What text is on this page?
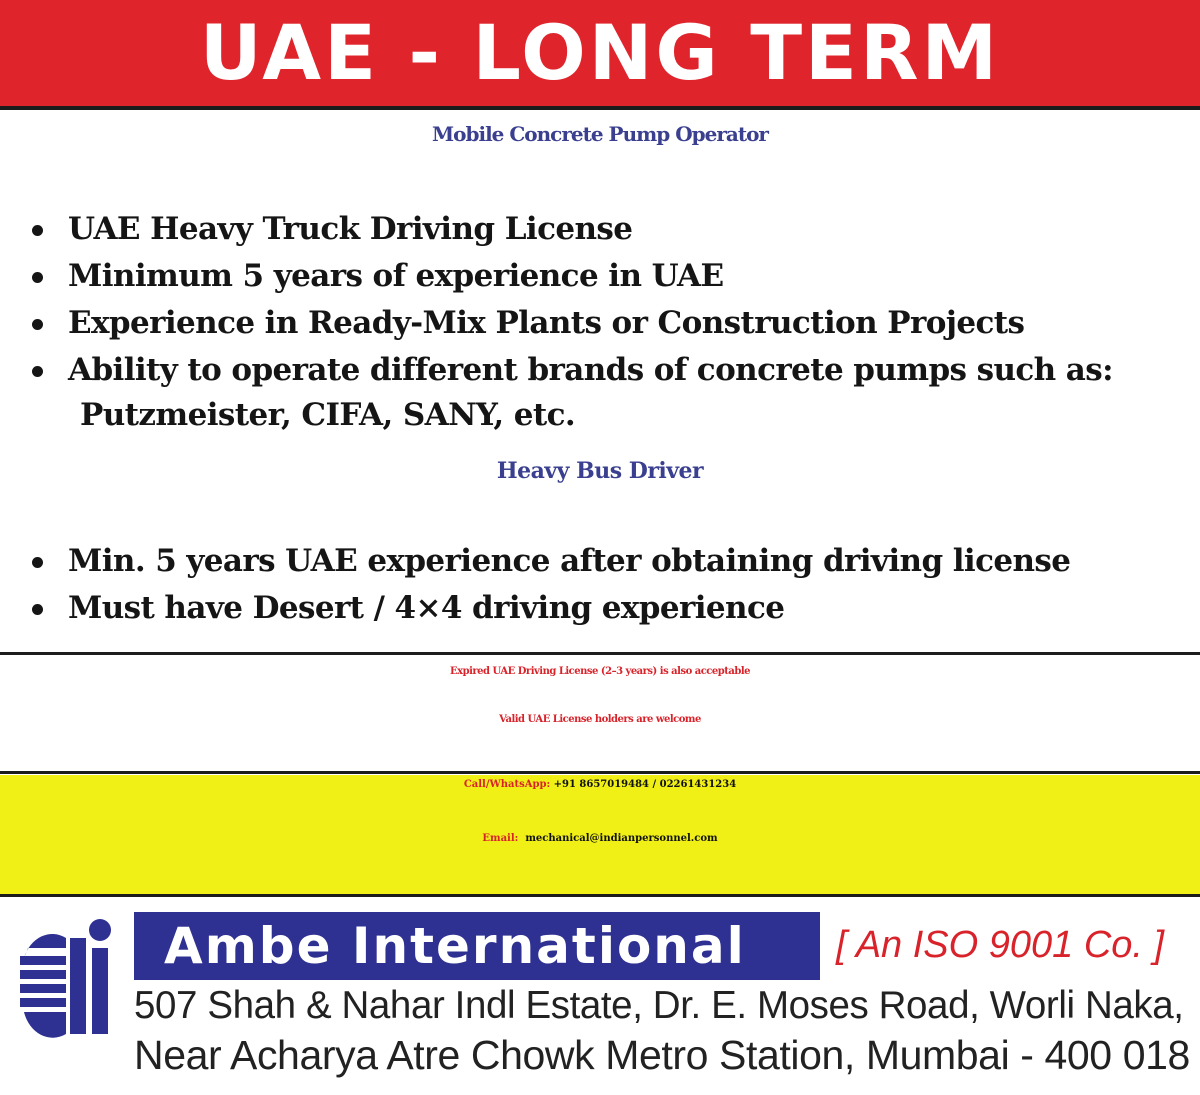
UAE - LONG TERM
Mobile Concrete Pump Operator
UAE Heavy Truck Driving License
Minimum 5 years of experience in UAE
Experience in Ready-Mix Plants or Construction Projects
Ability to operate different brands of concrete pumps such as:
Putzmeister, CIFA, SANY, etc.
Heavy Bus Driver
Min. 5 years UAE experience after obtaining driving license
Must have Desert / 4×4 driving experience
Expired UAE Driving License (2–3 years) is also acceptable
Valid UAE License holders are welcome
Call/WhatsApp: +91 8657019484 / 02261431234
Email: mechanical@indianpersonnel.com
Ambe International [ An ISO 9001 Co. ]
507 Shah & Nahar Indl Estate, Dr. E. Moses Road, Worli Naka,
Near Acharya Atre Chowk Metro Station, Mumbai - 400 018
